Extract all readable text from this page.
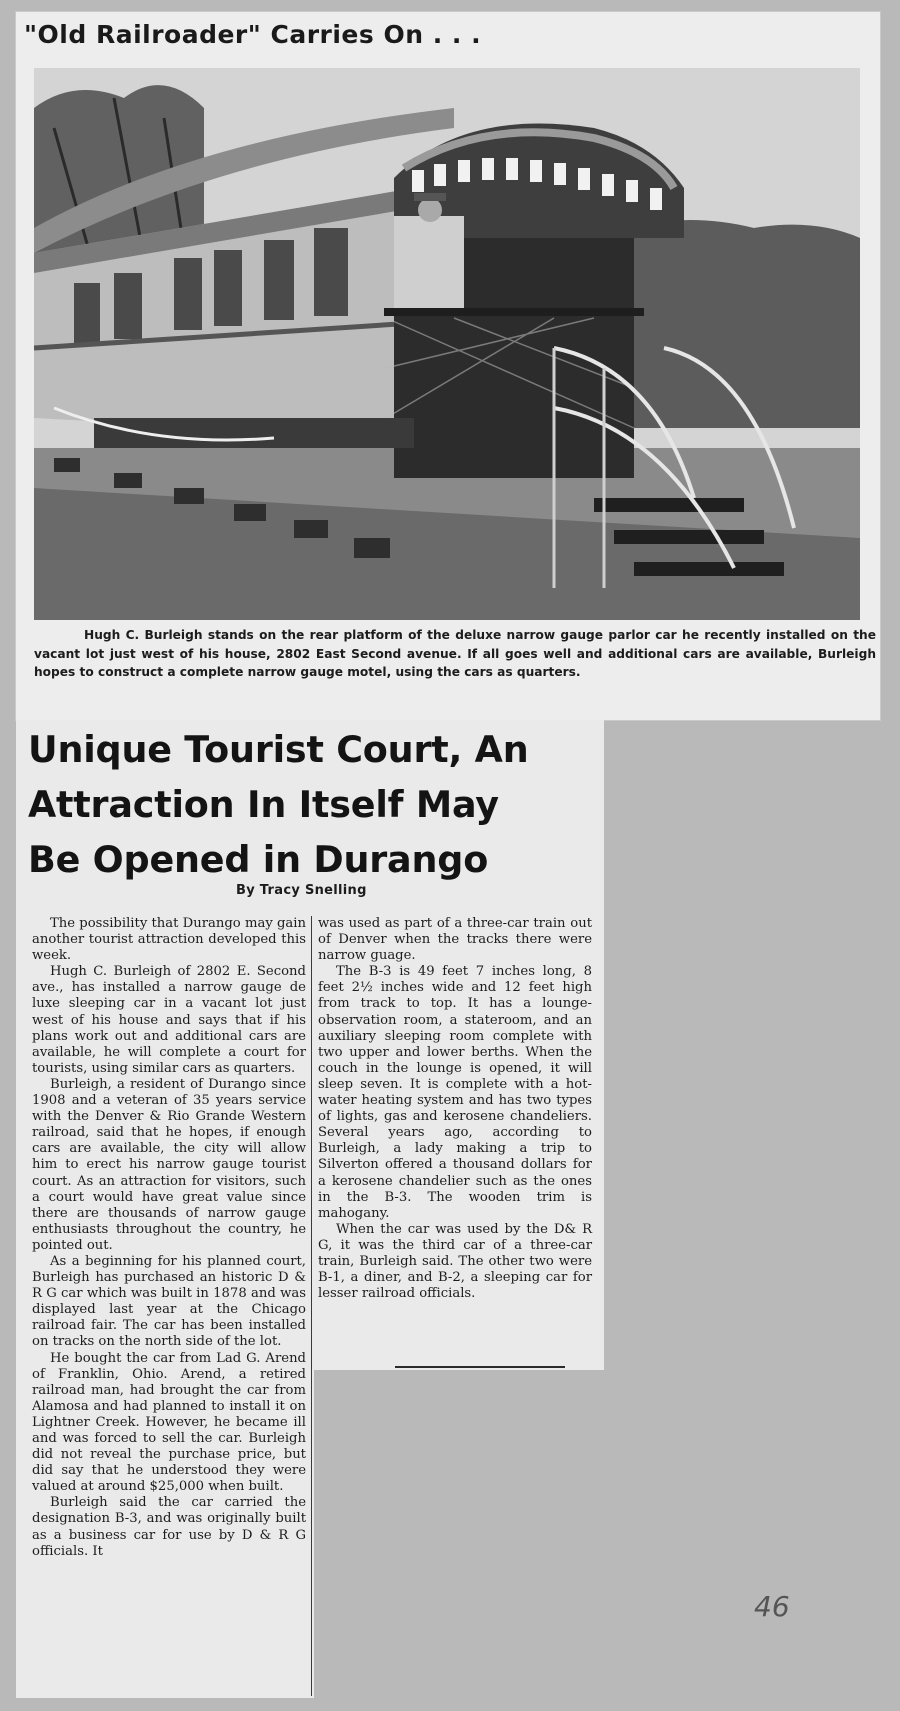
"Old Railroader" Carries On . . .
Hugh C. Burleigh stands on the rear platform of the deluxe narrow gauge parlor car he recently installed on the vacant lot just west of his house, 2802 East Second avenue. If all goes well and additional cars are available, Burleigh hopes to construct a complete narrow gauge motel, using the cars as quarters.
Unique Tourist Court, An
Attraction In Itself May
Be Opened in Durango
By Tracy Snelling

The possibility that Durango may gain another tourist attraction developed this week.

Hugh C. Burleigh of 2802 E. Second ave., has installed a narrow gauge de luxe sleeping car in a vacant lot just west of his house and says that if his plans work out and additional cars are available, he will complete a court for tourists, using similar cars as quarters.

Burleigh, a resident of Durango since 1908 and a veteran of 35 years service with the Denver & Rio Grande Western railroad, said that he hopes, if enough cars are available, the city will allow him to erect his narrow gauge tourist court. As an attraction for visitors, such a court would have great value since there are thousands of narrow gauge enthusiasts throughout the country, he pointed out.

As a beginning for his planned court, Burleigh has purchased an historic D & R G car which was built in 1878 and was displayed last year at the Chicago railroad fair. The car has been installed on tracks on the north side of the lot.

He bought the car from Lad G. Arend of Franklin, Ohio. Arend, a retired railroad man, had brought the car from Alamosa and had planned to install it on Lightner Creek. However, he became ill and was forced to sell the car. Burleigh did not reveal the purchase price, but did say that he understood they were valued at around $25,000 when built.

Burleigh said the car carried the designation B-3, and was originally built as a business car for use by D & R G officials. It

was used as part of a three-car train out of Denver when the tracks there were narrow guage.

The B-3 is 49 feet 7 inches long, 8 feet 2½ inches wide and 12 feet high from track to top. It has a lounge-observation room, a stateroom, and an auxiliary sleeping room complete with two upper and lower berths. When the couch in the lounge is opened, it will sleep seven. It is complete with a hot-water heating system and has two types of lights, gas and kerosene chandeliers. Several years ago, according to Burleigh, a lady making a trip to Silverton offered a thousand dollars for a kerosene chandelier such as the ones in the B-3. The wooden trim is mahogany.

When the car was used by the D& R G, it was the third car of a three-car train, Burleigh said. The other two were B-1, a diner, and B-2, a sleeping car for lesser railroad officials.

46
